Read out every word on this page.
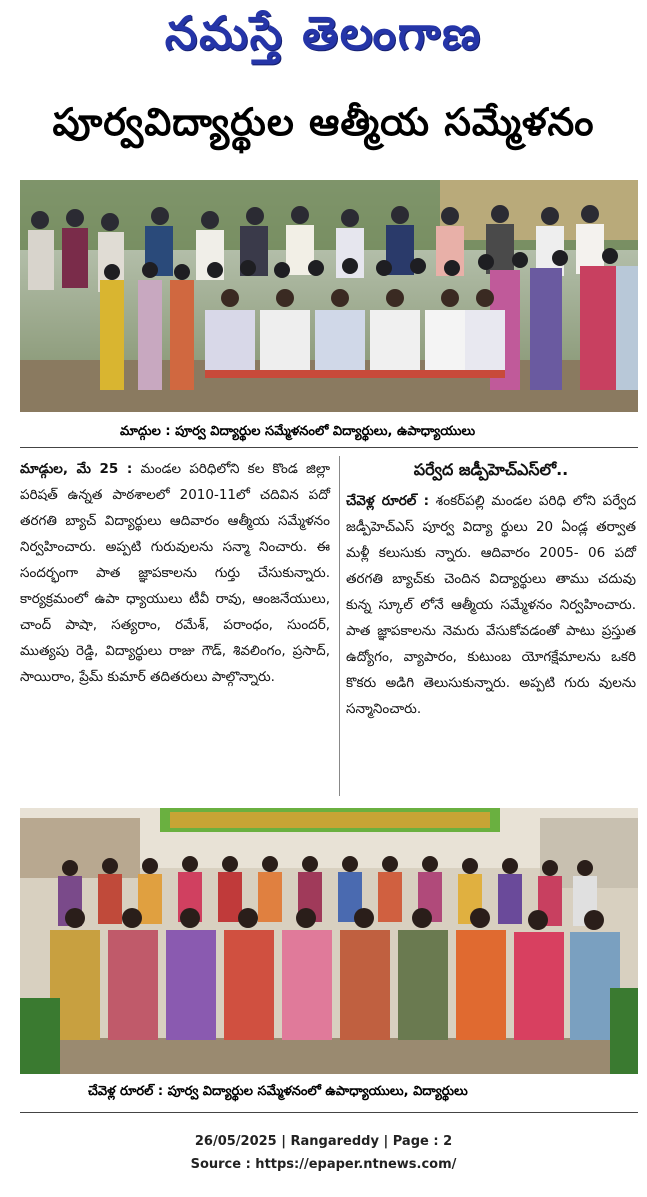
నమస్తే తెలంగాణ
పూర్వవిద్యార్థుల ఆత్మీయ సమ్మేళనం
మాద్గుల : పూర్వ విద్యార్థుల సమ్మేళనంలో విద్యార్థులు, ఉపాధ్యాయులు
మాడ్గుల, మే 25 : మండల పరిధిలోని కల కొండ జిల్లా పరిషత్ ఉన్నత పాఠశాలలో 2010-11లో చదివిన పదో తరగతి బ్యాచ్ విద్యార్థులు ఆదివారం ఆత్మీయ సమ్మేళనం నిర్వహించారు. అప్పటి గురువులను సన్మా నించారు. ఈ సందర్భంగా పాత జ్ఞాపకాలను గుర్తు చేసుకున్నారు. కార్యక్రమంలో ఉపా ధ్యాయులు టీవీ రావు, ఆంజనేయులు, చాంద్ పాషా, సత్యరాం, రమేశ్, పరాంధం, సుందర్, ముత్యపు రెడ్డి, విద్యార్థులు రాజు గౌడ్, శివలింగం, ప్రసాద్, సాయిరాం, ప్రేమ్ కుమార్ తదితరులు పాల్గొన్నారు.
పర్వేద జడ్పీహెచ్ఎస్‌లో..
చేవెళ్ల రూరల్ : శంకర్‌పల్లి మండల పరిధి లోని పర్వేద జడ్పీహెచ్ఎస్ పూర్వ విద్యా ర్థులు 20 ఏండ్ల తర్వాత మళ్లీ కలుసుకు న్నారు. ఆదివారం 2005- 06 పదో తరగతి బ్యాచ్‌కు చెందిన విద్యార్థులు తాము చదువు కున్న స్కూల్ లోనే ఆత్మీయ సమ్మేళనం నిర్వహించారు. పాత జ్ఞాపకాలను నెమరు వేసుకోవడంతో పాటు ప్రస్తుత ఉద్యోగం, వ్యాపారం, కుటుంబ యోగక్షేమాలను ఒకరి కొకరు అడిగి తెలుసుకున్నారు. అప్పటి గురు వులను సన్మానించారు.
చేవెళ్ల రూరల్ : పూర్వ విద్యార్థుల సమ్మేళనంలో ఉపాధ్యాయులు, విద్యార్థులు
26/05/2025 | Rangareddy | Page : 2
Source : https://epaper.ntnews.com/
